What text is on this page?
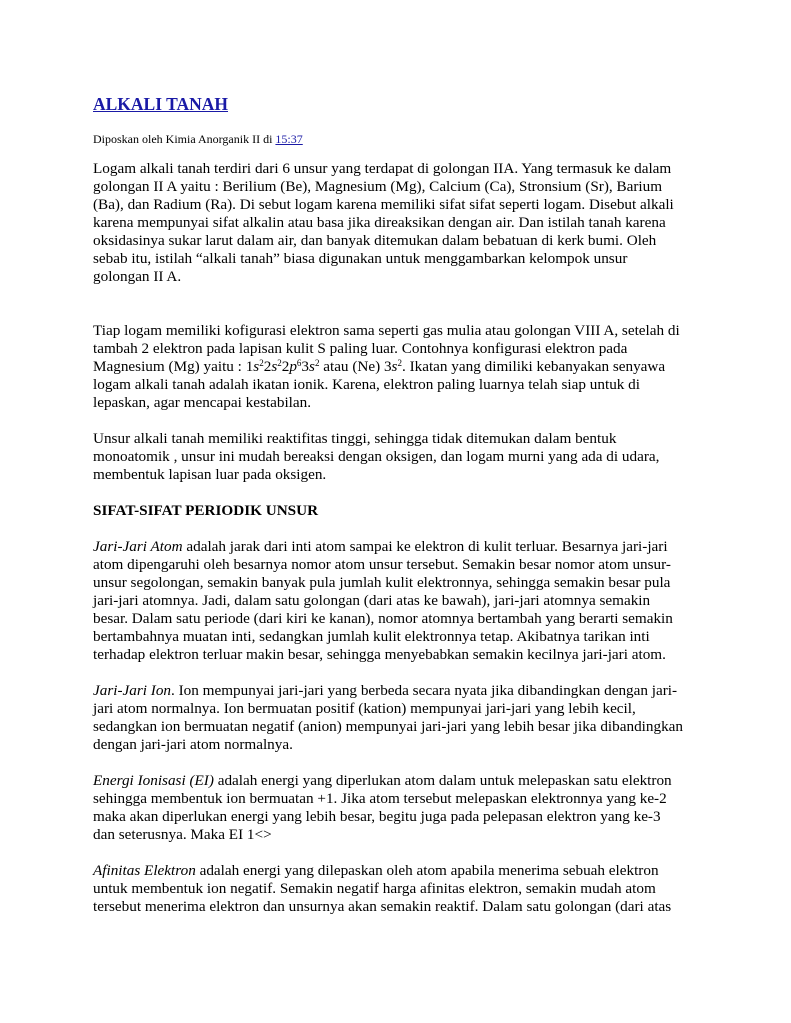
ALKALI TANAH

Diposkan oleh Kimia Anorganik II di 15:37

Logam alkali tanah terdiri dari 6 unsur yang terdapat di golongan IIA. Yang termasuk ke dalam
golongan II A yaitu : Berilium (Be), Magnesium (Mg), Calcium (Ca), Stronsium (Sr), Barium
(Ba), dan Radium (Ra). Di sebut logam karena memiliki sifat sifat seperti logam. Disebut alkali
karena mempunyai sifat alkalin atau basa jika direaksikan dengan air. Dan istilah tanah karena
oksidasinya sukar larut dalam air, dan banyak ditemukan dalam bebatuan di kerk bumi. Oleh
sebab itu, istilah “alkali tanah” biasa digunakan untuk menggambarkan kelompok unsur
golongan II A.

Tiap logam memiliki kofigurasi elektron sama seperti gas mulia atau golongan VIII A, setelah di
tambah 2 elektron pada lapisan kulit S paling luar. Contohnya konfigurasi elektron pada
Magnesium (Mg) yaitu : $1s^22s^22p^63s^2$ atau (Ne) $3s^2$. Ikatan yang dimiliki kebanyakan senyawa
logam alkali tanah adalah ikatan ionik. Karena, elektron paling luarnya telah siap untuk di
lepaskan, agar mencapai kestabilan.

Unsur alkali tanah memiliki reaktifitas tinggi, sehingga tidak ditemukan dalam bentuk
monoatomik , unsur ini mudah bereaksi dengan oksigen, dan logam murni yang ada di udara,
membentuk lapisan luar pada oksigen.

SIFAT-SIFAT PERIODIK UNSUR

Jari-Jari Atom adalah jarak dari inti atom sampai ke elektron di kulit terluar. Besarnya jari-jari
atom dipengaruhi oleh besarnya nomor atom unsur tersebut. Semakin besar nomor atom unsur-
unsur segolongan, semakin banyak pula jumlah kulit elektronnya, sehingga semakin besar pula
jari-jari atomnya. Jadi, dalam satu golongan (dari atas ke bawah), jari-jari atomnya semakin
besar. Dalam satu periode (dari kiri ke kanan), nomor atomnya bertambah yang berarti semakin
bertambahnya muatan inti, sedangkan jumlah kulit elektronnya tetap. Akibatnya tarikan inti
terhadap elektron terluar makin besar, sehingga menyebabkan semakin kecilnya jari-jari atom.

Jari-Jari Ion. Ion mempunyai jari-jari yang berbeda secara nyata jika dibandingkan dengan jari-
jari atom normalnya. Ion bermuatan positif (kation) mempunyai jari-jari yang lebih kecil,
sedangkan ion bermuatan negatif (anion) mempunyai jari-jari yang lebih besar jika dibandingkan
dengan jari-jari atom normalnya.

Energi Ionisasi (EI) adalah energi yang diperlukan atom dalam untuk melepaskan satu elektron
sehingga membentuk ion bermuatan +1. Jika atom tersebut melepaskan elektronnya yang ke-2
maka akan diperlukan energi yang lebih besar, begitu juga pada pelepasan elektron yang ke-3
dan seterusnya. Maka EI 1<>

Afinitas Elektron adalah energi yang dilepaskan oleh atom apabila menerima sebuah elektron
untuk membentuk ion negatif. Semakin negatif harga afinitas elektron, semakin mudah atom
tersebut menerima elektron dan unsurnya akan semakin reaktif. Dalam satu golongan (dari atas
